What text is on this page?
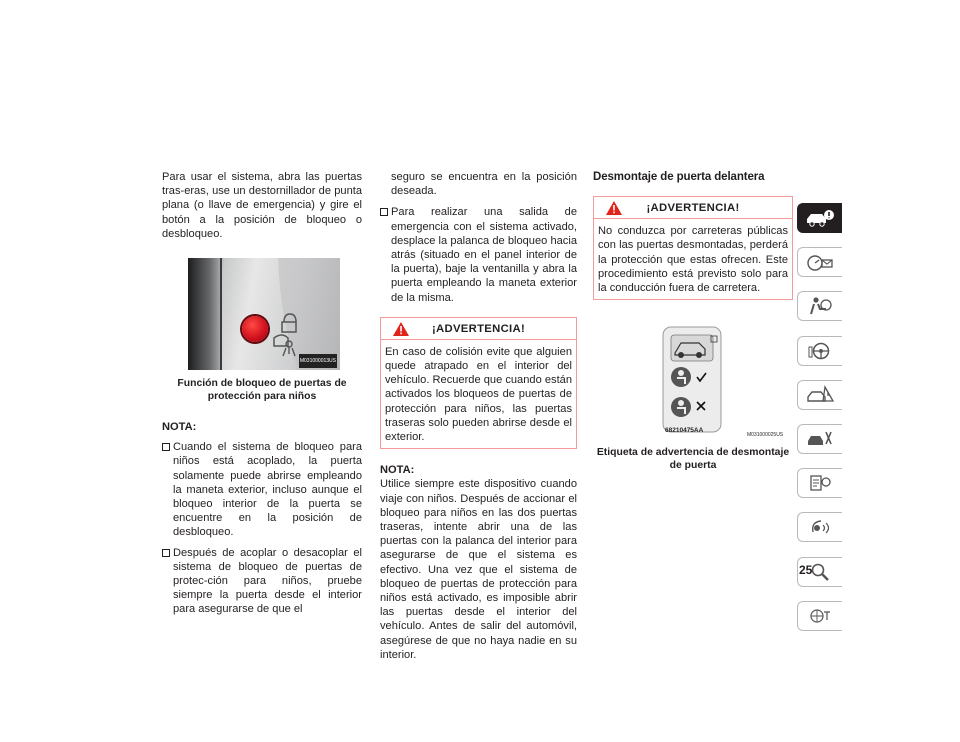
Para usar el sistema, abra las puertas tras-eras, use un destornillador de punta plana (o llave de emergencia) y gire el botón a la posición de bloqueo o desbloqueo.

M031000013US
Función de bloqueo de puertas de protección para niños
NOTA:
Cuando el sistema de bloqueo para niños está acoplado, la puerta solamente puede abrirse empleando la maneta exterior, incluso aunque el bloqueo interior de la puerta se encuentre en la posición de desbloqueo.
Después de acoplar o desacoplar el sistema de bloqueo de puertas de protec-ción para niños, pruebe siempre la puerta desde el interior para asegurarse de que el
seguro se encuentra en la posición deseada.
Para realizar una salida de emergencia con el sistema activado, desplace la palanca de bloqueo hacia atrás (situado en el panel interior de la puerta), baje la ventanilla y abra la puerta empleando la maneta exterior de la misma.
¡ADVERTENCIA!
En caso de colisión evite que alguien quede atrapado en el interior del vehículo. Recuerde que cuando están activados los bloqueos de puertas de protección para niños, las puertas traseras solo pueden abrirse desde el exterior.
NOTA:

Utilice siempre este dispositivo cuando viaje con niños. Después de accionar el bloqueo para niños en las dos puertas traseras, intente abrir una de las puertas con la palanca del interior para asegurarse de que el sistema es efectivo. Una vez que el sistema de bloqueo de puertas de protección para niños está activado, es imposible abrir las puertas desde el interior del vehículo. Antes de salir del automóvil, asegúrese de que no haya nadie en su interior.

Desmontaje de puerta delantera
¡ADVERTENCIA!
No conduzca por carreteras públicas con las puertas desmontadas, perderá la protección que estas ofrecen. Este procedimiento está previsto solo para la conducción fuera de carretera.
68210475AA
M031000025US
Etiqueta de advertencia de desmontaje de puerta
25
